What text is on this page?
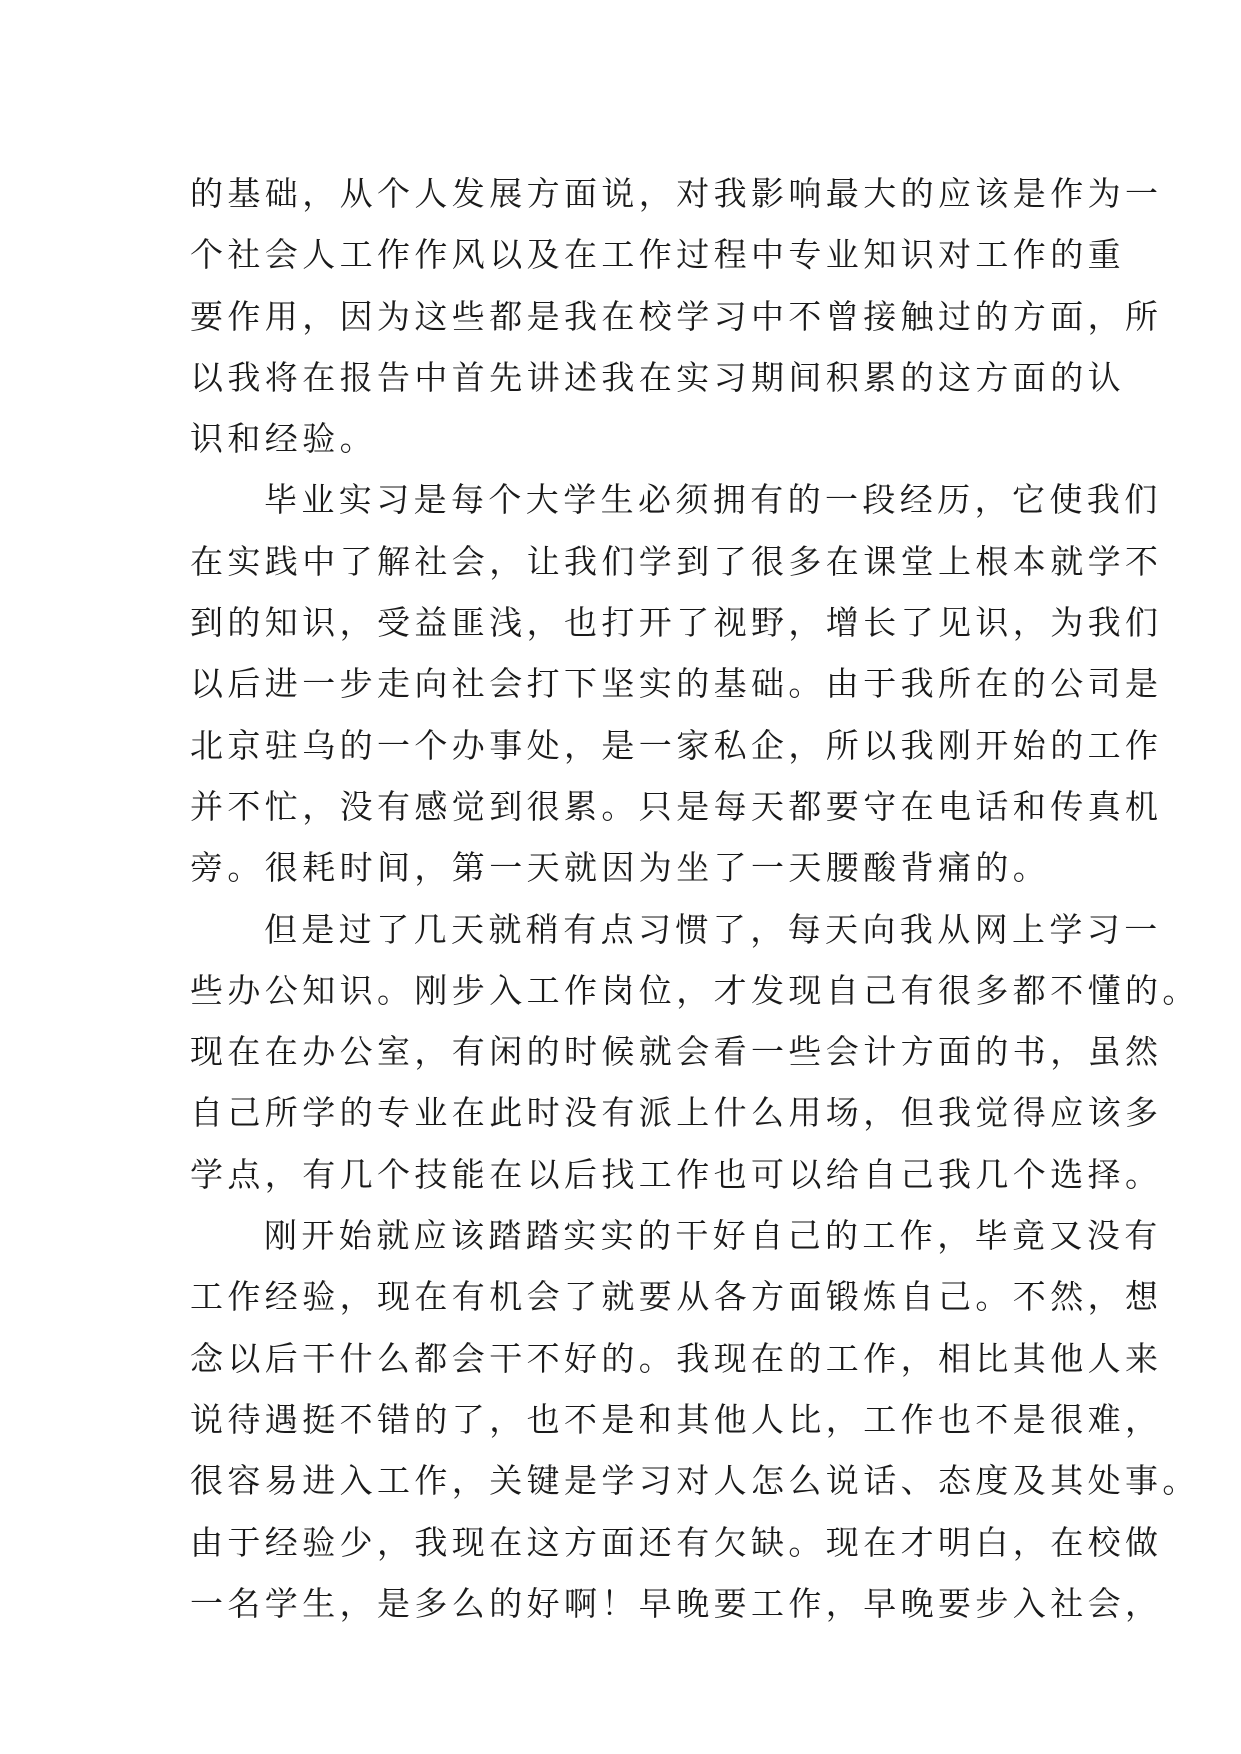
的基础，从个人发展方面说，对我影响最大的应该是作为一
个社会人工作作风以及在工作过程中专业知识对工作的重
要作用，因为这些都是我在校学习中不曾接触过的方面，所
以我将在报告中首先讲述我在实习期间积累的这方面的认
识和经验。
毕业实习是每个大学生必须拥有的一段经历，它使我们
在实践中了解社会，让我们学到了很多在课堂上根本就学不
到的知识，受益匪浅，也打开了视野，增长了见识，为我们
以后进一步走向社会打下坚实的基础。由于我所在的公司是
北京驻乌的一个办事处，是一家私企，所以我刚开始的工作
并不忙，没有感觉到很累。只是每天都要守在电话和传真机
旁。很耗时间，第一天就因为坐了一天腰酸背痛的。
但是过了几天就稍有点习惯了，每天向我从网上学习一
些办公知识。刚步入工作岗位，才发现自己有很多都不懂的。
现在在办公室，有闲的时候就会看一些会计方面的书，虽然
自己所学的专业在此时没有派上什么用场，但我觉得应该多
学点，有几个技能在以后找工作也可以给自己我几个选择。
刚开始就应该踏踏实实的干好自己的工作，毕竟又没有
工作经验，现在有机会了就要从各方面锻炼自己。不然，想
念以后干什么都会干不好的。我现在的工作，相比其他人来
说待遇挺不错的了，也不是和其他人比，工作也不是很难，
很容易进入工作，关键是学习对人怎么说话、态度及其处事。
由于经验少，我现在这方面还有欠缺。现在才明白，在校做
一名学生，是多么的好啊！早晚要工作，早晚要步入社会，
